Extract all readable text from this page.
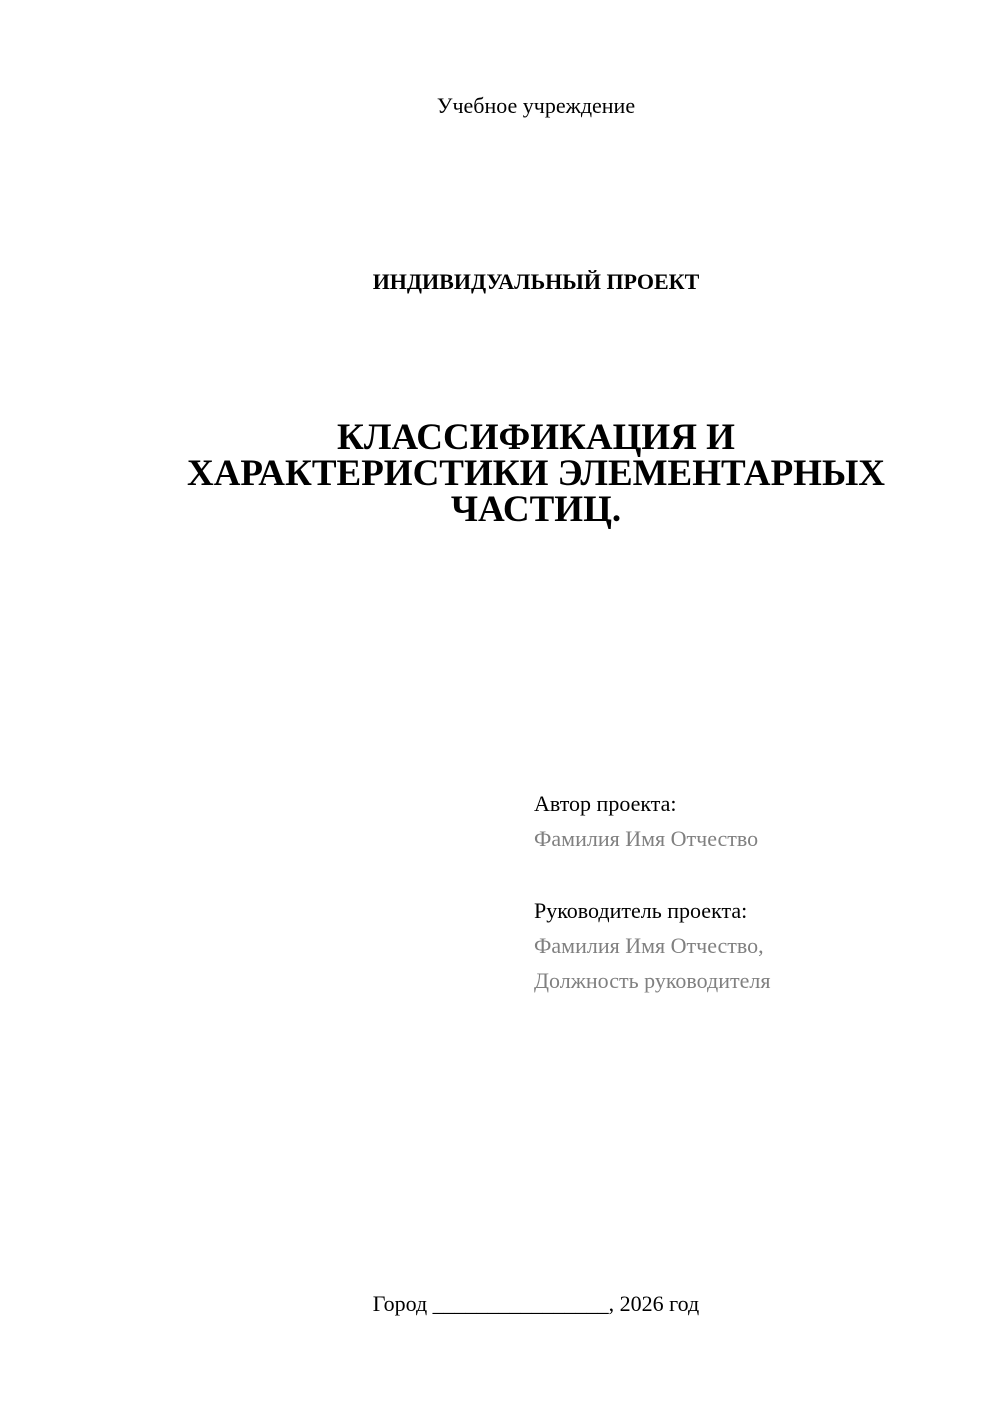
Учебное учреждение
ИНДИВИДУАЛЬНЫЙ ПРОЕКТ
КЛАССИФИКАЦИЯ И
ХАРАКТЕРИСТИКИ ЭЛЕМЕНТАРНЫХ
ЧАСТИЦ.
Автор проекта:
Фамилия Имя Отчество
Руководитель проекта:
Фамилия Имя Отчество,
Должность руководителя
Город ________________, 2026 год
